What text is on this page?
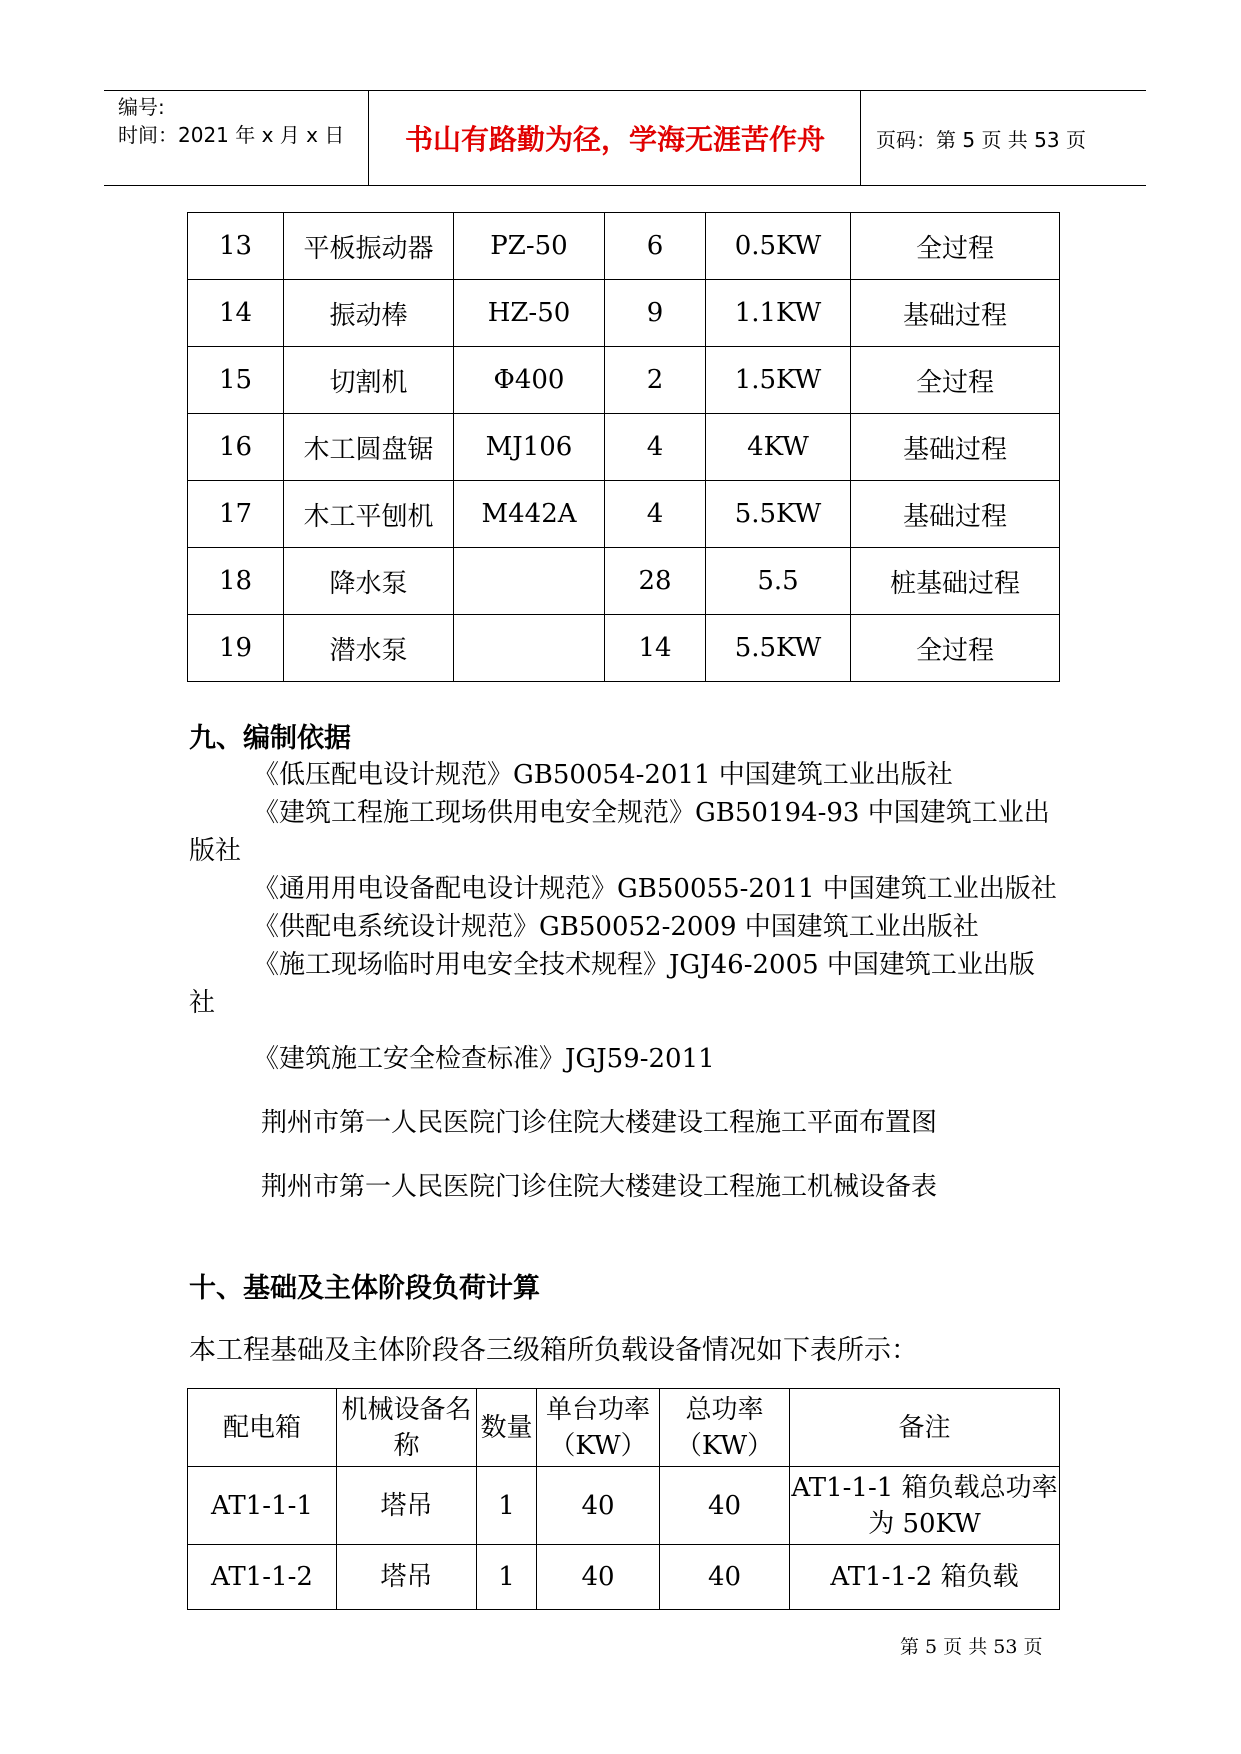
编号:
时间：2021 年 x 月 x 日	书山有路勤为径，学海无涯苦作舟	页码：第 5 页 共 53 页
13	平板振动器	PZ-50	6	0.5KW	全过程
14	振动棒	HZ-50	9	1.1KW	基础过程
15	切割机	Φ400	2	1.5KW	全过程
16	木工圆盘锯	MJ106	4	4KW	基础过程
17	木工平刨机	M442A	4	5.5KW	基础过程
18	降水泵		28	5.5	桩基础过程
19	潜水泵		14	5.5KW	全过程
九、编制依据

《低压配电设计规范》GB50054-2011 中国建筑工业出版社

《建筑工程施工现场供用电安全规范》GB50194-93 中国建筑工业出版社

《通用用电设备配电设计规范》GB50055-2011 中国建筑工业出版社

《供配电系统设计规范》GB50052-2009 中国建筑工业出版社

《施工现场临时用电安全技术规程》JGJ46-2005 中国建筑工业出版社

《建筑施工安全检查标准》JGJ59-2011

荆州市第一人民医院门诊住院大楼建设工程施工平面布置图

荆州市第一人民医院门诊住院大楼建设工程施工机械设备表

十、基础及主体阶段负荷计算
本工程基础及主体阶段各三级箱所负载设备情况如下表所示：
配电箱	机械设备名称	数量	单台功率（KW）	总功率（KW）	备注
AT1-1-1	塔吊	1	40	40	AT1-1-1 箱负载总功率为 50KW
AT1-1-2	塔吊	1	40	40	AT1-1-2 箱负载
第 5 页 共 53 页
